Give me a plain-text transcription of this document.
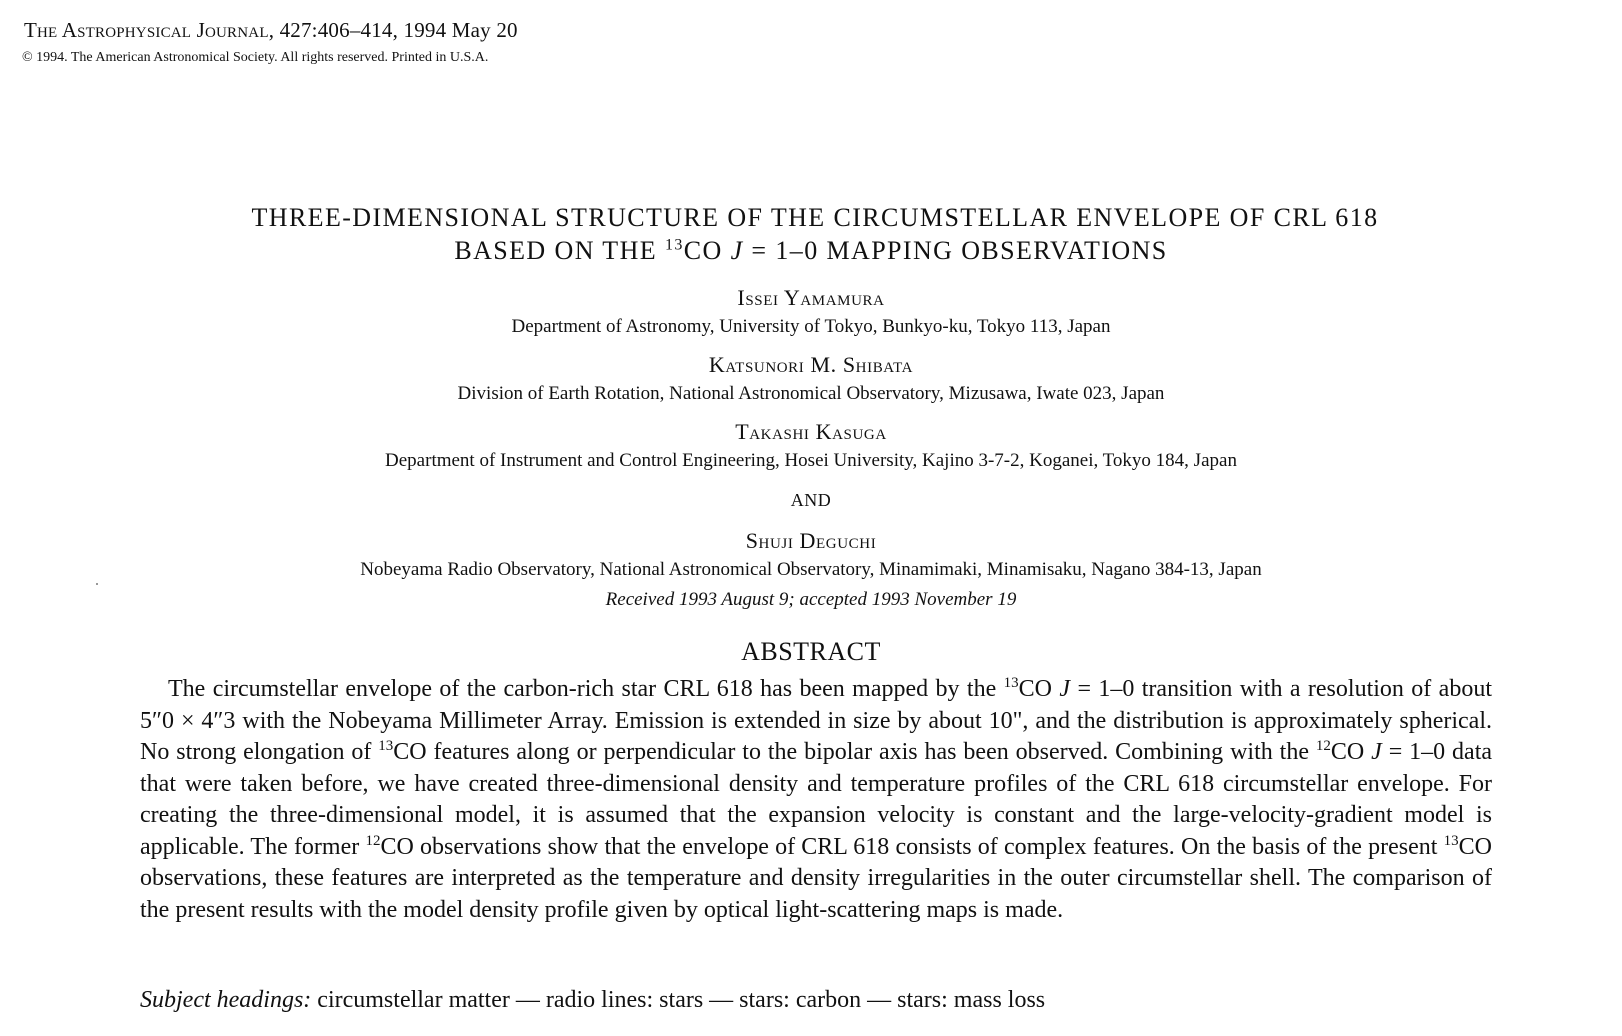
The Astrophysical Journal, 427:406–414, 1994 May 20
© 1994. The American Astronomical Society. All rights reserved. Printed in U.S.A.
THREE-DIMENSIONAL STRUCTURE OF THE CIRCUMSTELLAR ENVELOPE OF CRL 618
BASED ON THE $^{13}$CO J = 1–0 MAPPING OBSERVATIONS
Issei Yamamura
Department of Astronomy, University of Tokyo, Bunkyo-ku, Tokyo 113, Japan
Katsunori M. Shibata
Division of Earth Rotation, National Astronomical Observatory, Mizusawa, Iwate 023, Japan
Takashi Kasuga
Department of Instrument and Control Engineering, Hosei University, Kajino 3-7-2, Koganei, Tokyo 184, Japan
AND
Shuji Deguchi
Nobeyama Radio Observatory, National Astronomical Observatory, Minamimaki, Minamisaku, Nagano 384-13, Japan
Received 1993 August 9; accepted 1993 November 19
ABSTRACT
The circumstellar envelope of the carbon-rich star CRL 618 has been mapped by the $^{13}$CO J = 1–0 transition with a resolution of about 5″0 × 4″3 with the Nobeyama Millimeter Array. Emission is extended in size by about 10", and the distribution is approximately spherical. No strong elongation of $^{13}$CO features along or perpendicular to the bipolar axis has been observed. Combining with the $^{12}$CO J = 1–0 data that were taken before, we have created three-dimensional density and temperature profiles of the CRL 618 circumstellar envelope. For creating the three-dimensional model, it is assumed that the expansion velocity is constant and the large-velocity-gradient model is applicable. The former $^{12}$CO observations show that the envelope of CRL 618 consists of complex features. On the basis of the present $^{13}$CO observations, these features are interpreted as the temperature and density irregularities in the outer circumstellar shell. The comparison of the present results with the model density profile given by optical light-scattering maps is made.
Subject headings: circumstellar matter — radio lines: stars — stars: carbon — stars: mass loss
